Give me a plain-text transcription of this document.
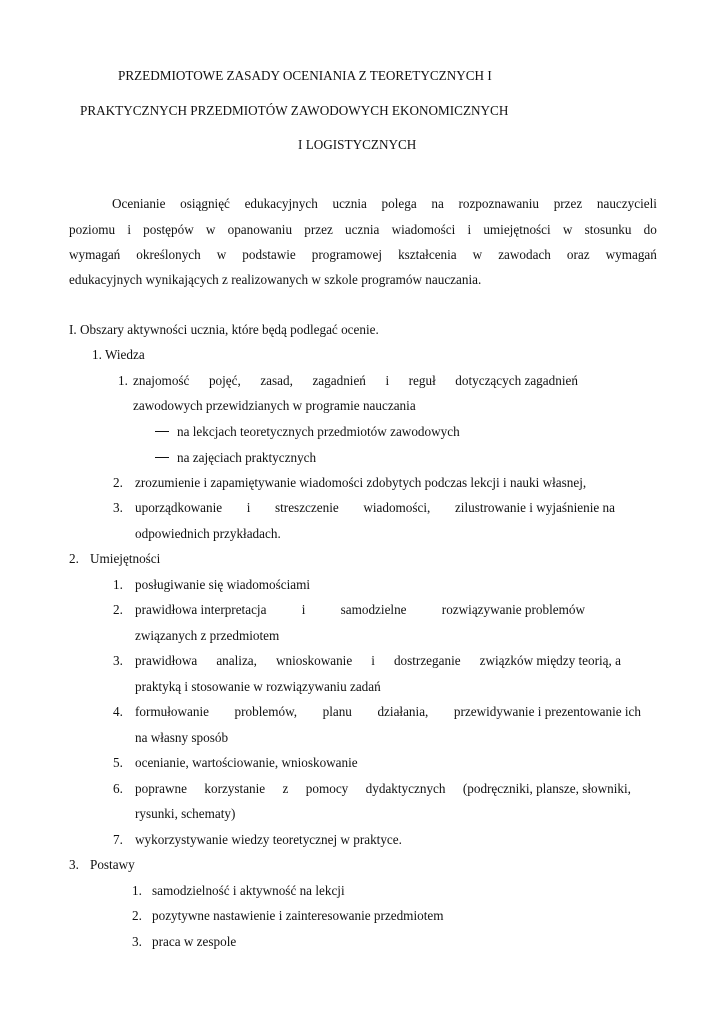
PRZEDMIOTOWE ZASADY OCENIANIA Z TEORETYCZNYCH I
PRAKTYCZNYCH PRZEDMIOTÓW ZAWODOWYCH EKONOMICZNYCH
I LOGISTYCZNYCH
Ocenianie osiągnięć edukacyjnych ucznia polega na rozpoznawaniu przez nauczycieli
poziomu i postępów w opanowaniu przez ucznia wiadomości i umiejętności w stosunku do
wymagań określonych w podstawie programowej kształcenia w zawodach oraz wymagań
edukacyjnych wynikających z realizowanych w szkole programów nauczania.
I. Obszary aktywności ucznia, które będą podlegać ocenie.
1. Wiedza
1. znajomość pojęć, zasad, zagadnień i reguł dotyczących zagadnień
zawodowych przewidzianych w programie nauczania
na lekcjach teoretycznych przedmiotów zawodowych
na zajęciach praktycznych
2. zrozumienie i zapamiętywanie wiadomości zdobytych podczas lekcji i nauki własnej,
3. uporządkowanie i streszczenie wiadomości, zilustrowanie i wyjaśnienie na
odpowiednich przykładach.
2. Umiejętności
1. posługiwanie się wiadomościami
2. prawidłowa interpretacja	i	samodzielne	rozwiązywanie problemów
związanych z przedmiotem
3. prawidłowa analiza, wnioskowanie i dostrzeganie związków między teorią, a
praktyką i stosowanie w rozwiązywaniu zadań
4. formułowanie problemów, planu działania, przewidywanie i prezentowanie ich
na własny sposób
5. ocenianie, wartościowanie, wnioskowanie
6. poprawne korzystanie z pomocy dydaktycznych (podręczniki, plansze, słowniki,
rysunki, schematy)
7. wykorzystywanie wiedzy teoretycznej w praktyce.
3. Postawy
1. samodzielność i aktywność na lekcji
2. pozytywne nastawienie i zainteresowanie przedmiotem
3. praca w zespole
